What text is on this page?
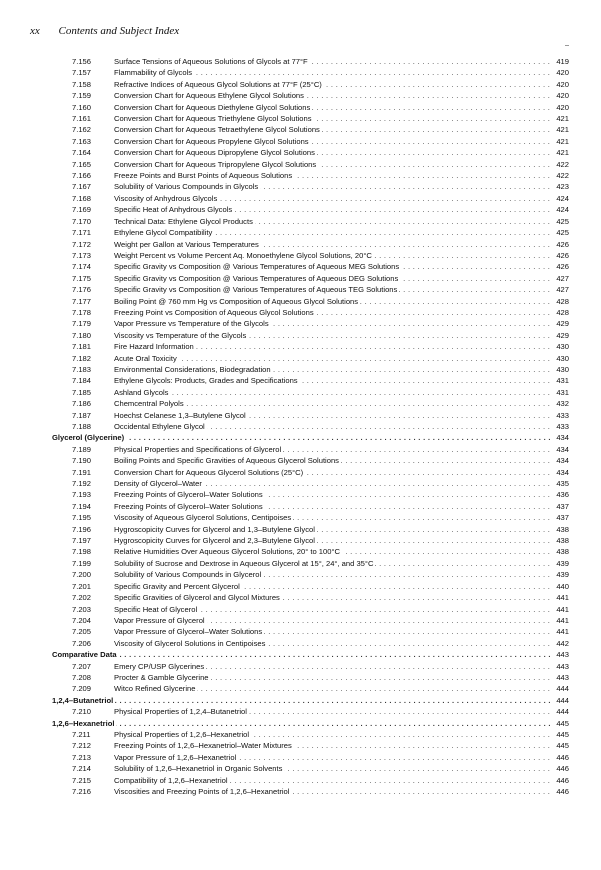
xx Contents and Subject Index
7.156	Surface Tensions of Aqueous Solutions of Glycols at 77°F . . .	419
7.157	Flammability of Glycols . . .	420
7.158	Refractive Indices of Aqueous Glycol Solutions at 77°F (25°C) . . .	420
7.159	Conversion Chart for Aqueous Ethylene Glycol Solutions . . .	420
7.160	Conversion Chart for Aqueous Diethylene Glycol Solutions . . .	420
7.161	Conversion Chart for Aqueous Triethylene Glycol Solutions . . .	421
7.162	Conversion Chart for Aqueous Tetraethylene Glycol Solutions . . .	421
7.163	Conversion Chart for Aqueous Propylene Glycol Solutions . . .	421
7.164	Conversion Chart for Aqueous Dipropylene Glycol Solutions . . .	421
7.165	Conversion Chart for Aqueous Tripropylene Glycol Solutions . . .	422
7.166	Freeze Points and Burst Points of Aqueous Solutions . . .	422
7.167	Solubility of Various Compounds in Glycols . . .	423
7.168	Viscosity of Anhydrous Glycols . . .	424
7.169	Specific Heat of Anhydrous Glycols . . .	424
7.170	Technical Data: Ethylene Glycol Products . . .	425
7.171	Ethylene Glycol Compatibility . . .	425
7.172	Weight per Gallon at Various Temperatures . . .	426
7.173	Weight Percent vs Volume Percent Aq. Monoethylene Glycol Solutions, 20°C . . .	426
7.174	Specific Gravity vs Composition @ Various Temperatures of Aqueous MEG Solutions . . .	426
7.175	Specific Gravity vs Composition @ Various Temperatures of Aqueous DEG Solutions . . .	427
7.176	Specific Gravity vs Composition @ Various Temperatures of Aqueous TEG Solutions . . .	427
7.177	Boiling Point @ 760 mm Hg vs Composition of Aqueous Glycol Solutions . . .	428
7.178	Freezing Point vs Composition of Aqueous Glycol Solutions . . .	428
7.179	Vapor Pressure vs Temperature of the Glycols . . .	429
7.180	Viscosity vs Temperature of the Glycols . . .	429
7.181	Fire Hazard Information . . .	430
7.182	Acute Oral Toxicity . . .	430
7.183	Environmental Considerations, Biodegradation . . .	430
7.184	Ethylene Glycols: Products, Grades and Specifications . . .	431
7.185	Ashland Glycols . . .	431
7.186	Chemcentral Polyols . . .	432
7.187	Hoechst Celanese 1,3–Butylene Glycol . . .	433
7.188	Occidental Ethylene Glycol . . .	433
Glycerol (Glycerine) . . .	434
7.189	Physical Properties and Specifications of Glycerol . . .	434
7.190	Boiling Points and Specific Gravities of Aqueous Glycerol Solutions . . .	434
7.191	Conversion Chart for Aqueous Glycerol Solutions (25°C) . . .	434
7.192	Density of Glycerol–Water . . .	435
7.193	Freezing Points of Glycerol–Water Solutions . . .	436
7.194	Freezing Points of Glycerol–Water Solutions . . .	437
7.195	Viscosity of Aqueous Glycerol Solutions, Centipoises . . .	437
7.196	Hygroscopicity Curves for Glycerol and 1,3–Butylene Glycol . . .	438
7.197	Hygroscopicity Curves for Glycerol and 2,3–Butylene Glycol . . .	438
7.198	Relative Humidities Over Aqueous Glycerol Solutions, 20° to 100°C . . .	438
7.199	Solubility of Sucrose and Dextrose in Aqueous Glycerol at 15°, 24°, and 35°C . . .	439
7.200	Solubility of Various Compounds in Glycerol . . .	439
7.201	Specific Gravity and Percent Glycerol . . .	440
7.202	Specific Gravities of Glycerol and Glycol Mixtures . . .	441
7.203	Specific Heat of Glycerol . . .	441
7.204	Vapor Pressure of Glycerol . . .	441
7.205	Vapor Pressure of Glycerol–Water Solutions . . .	441
7.206	Viscosity of Glycerol Solutions in Centipoises . . .	442
Comparative Data . . .	443
7.207	Emery CP/USP Glycerines . . .	443
7.208	Procter & Gamble Glycerine . . .	443
7.209	Witco Refined Glycerine . . .	444
1,2,4–Butanetriol . . .	444
7.210	Physical Properties of 1,2,4–Butanetriol . . .	444
1,2,6–Hexanetriol . . .	445
7.211	Physical Properties of 1,2,6–Hexanetriol . . .	445
7.212	Freezing Points of 1,2,6–Hexanetriol–Water Mixtures . . .	445
7.213	Vapor Pressure of 1,2,6–Hexanetriol . . .	446
7.214	Solubility of 1,2,6–Hexanetriol in Organic Solvents . . .	446
7.215	Compatibility of 1,2,6–Hexanetriol . . .	446
7.216	Viscosities and Freezing Points of 1,2,6–Hexanetriol . . .	446
